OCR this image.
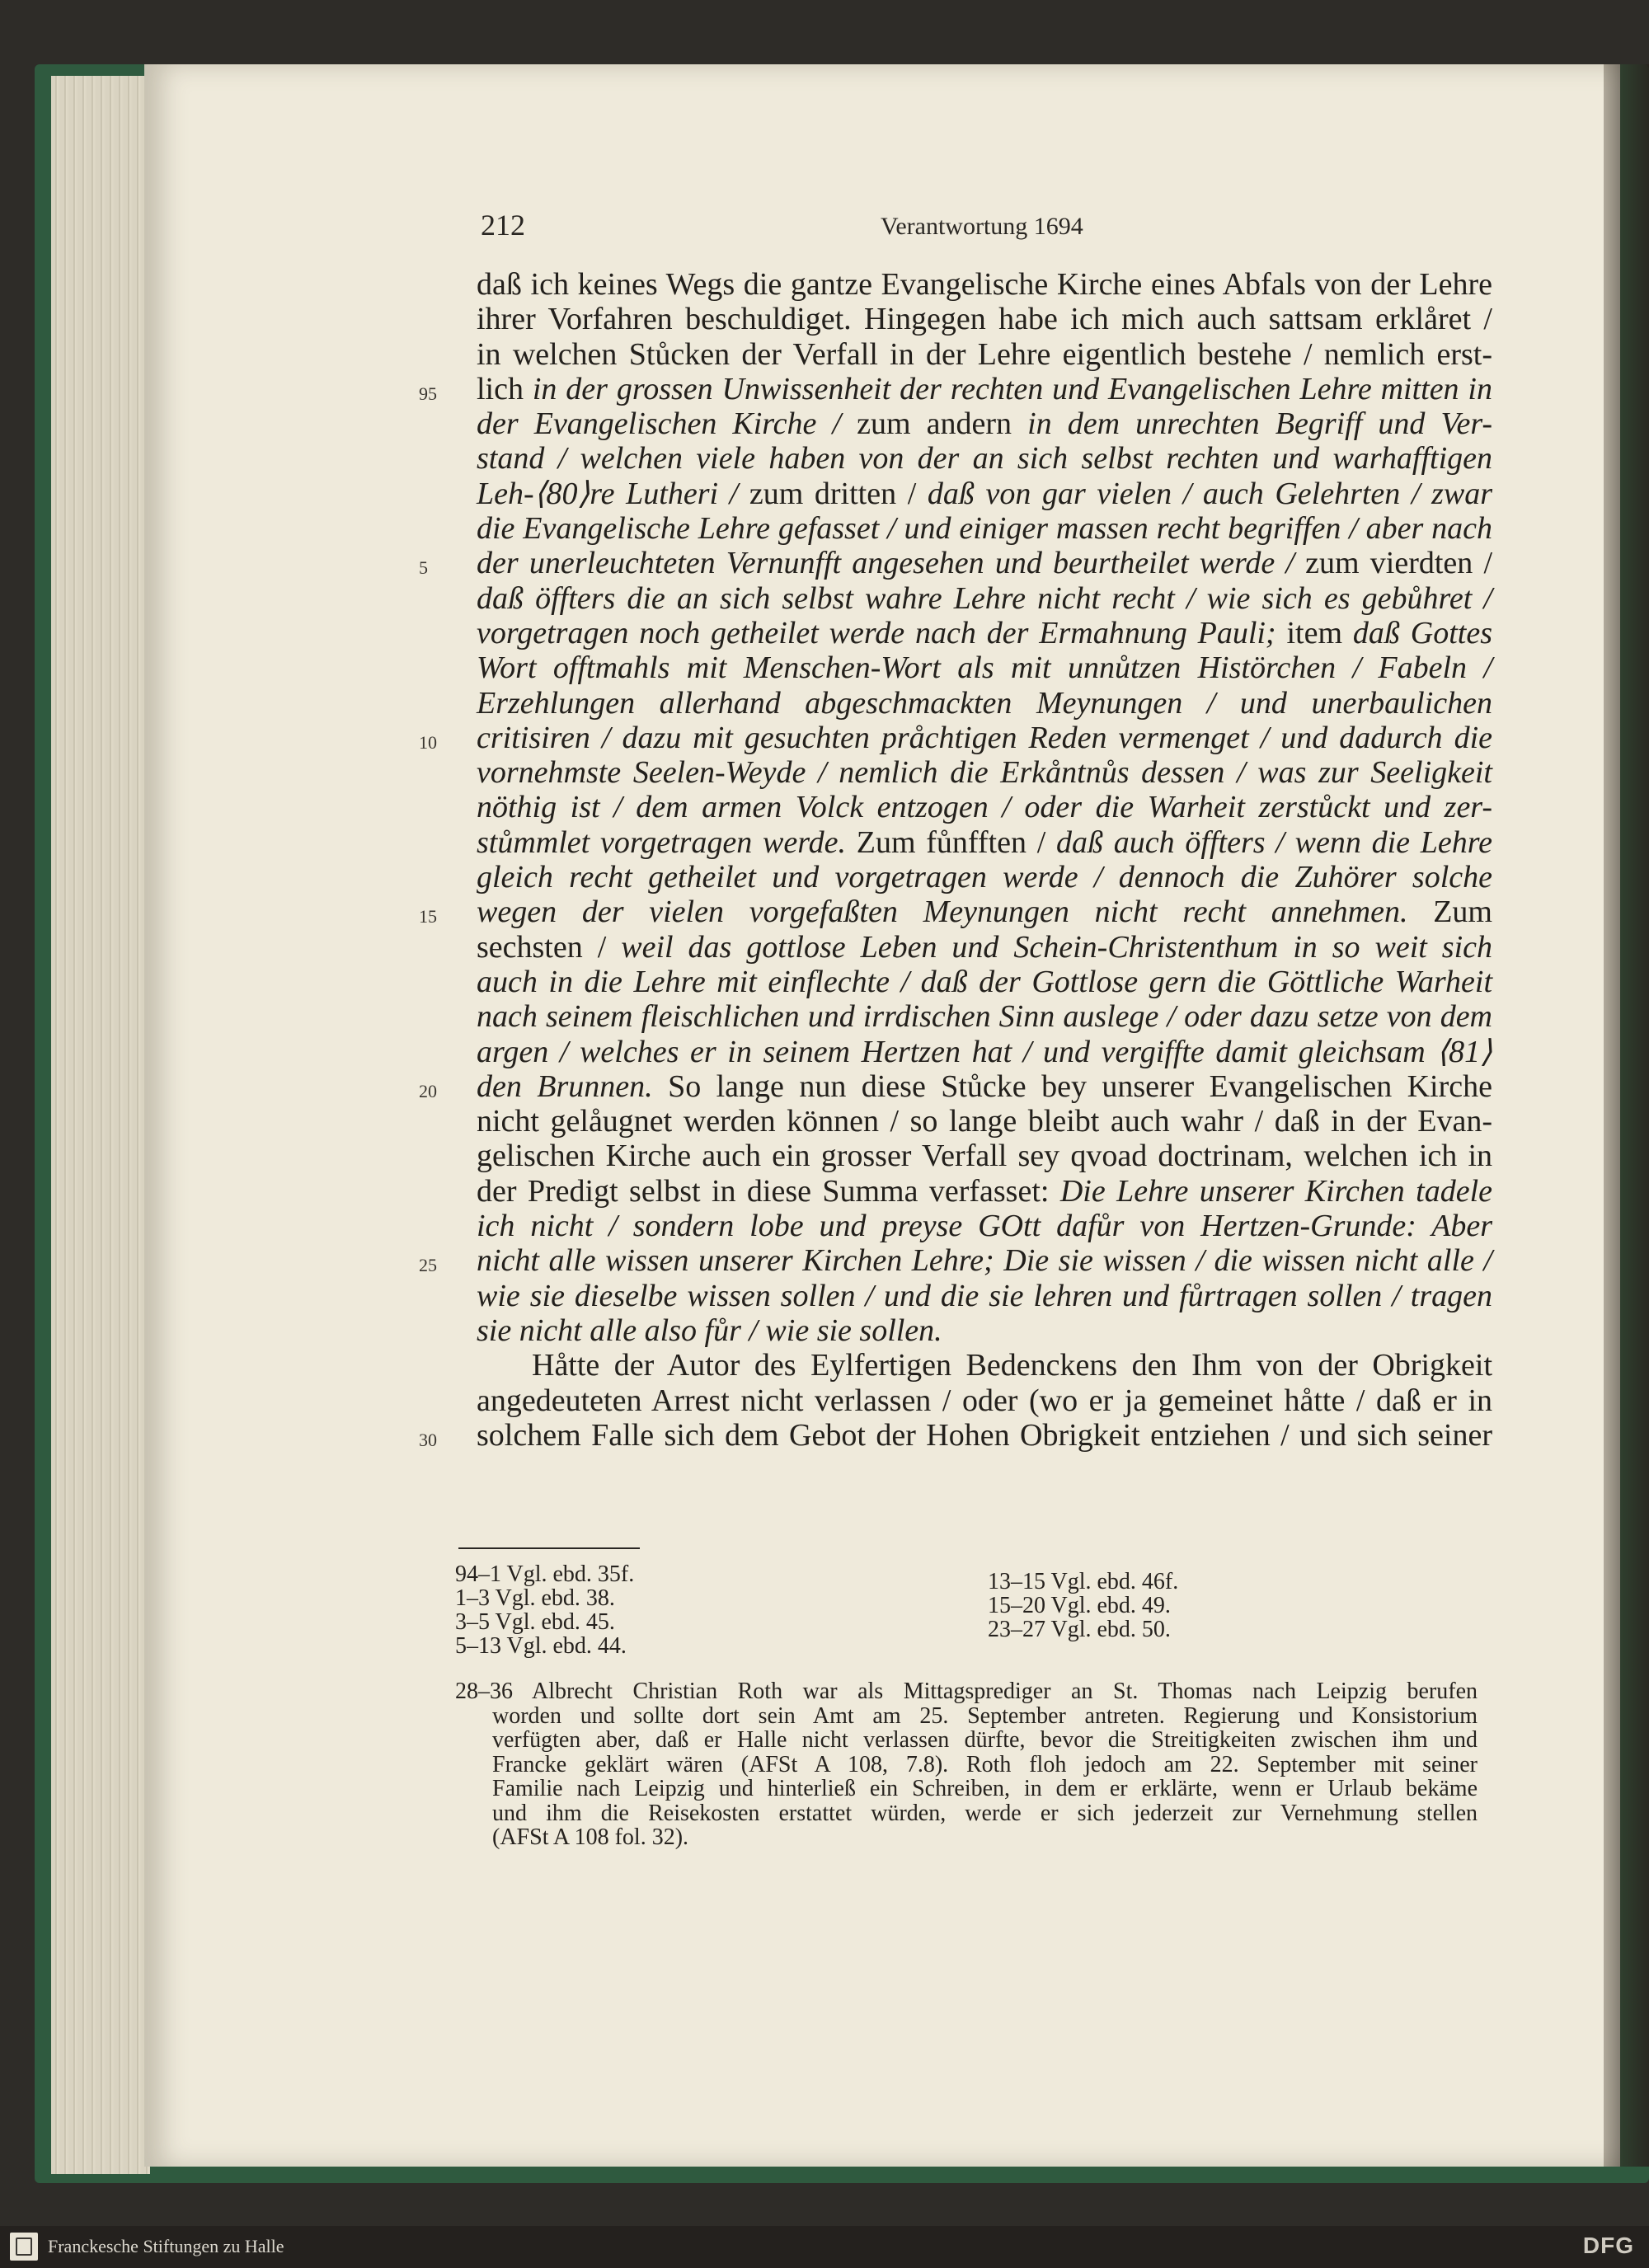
212	Verantwortung 1694
daß ich keines Wegs die gantze Evangelische Kirche eines Abfals von der Lehre
ihrer Vorfahren beschuldiget. Hingegen habe ich mich auch sattsam erklåret /
in welchen Stůcken der Verfall in der Lehre eigentlich bestehe / nemlich erst-
95	lich in der grossen Unwissenheit der rechten und Evangelischen Lehre mitten in
der Evangelischen Kirche / zum andern in dem unrechten Begriff und Ver-
stand / welchen viele haben von der an sich selbst rechten und warhafftigen
Leh-⟨80⟩re Lutheri / zum dritten / daß von gar vielen / auch Gelehrten / zwar
die Evangelische Lehre gefasset / und einiger massen recht begriffen / aber nach
5	der unerleuchteten Vernunfft angesehen und beurtheilet werde / zum vierdten /
daß öffters die an sich selbst wahre Lehre nicht recht / wie sich es gebůhret /
vorgetragen noch getheilet werde nach der Ermahnung Pauli; item daß Gottes
Wort offtmahls mit Menschen-Wort als mit unnůtzen Histörchen / Fabeln /
Erzehlungen allerhand abgeschmackten Meynungen / und unerbaulichen
10	critisiren / dazu mit gesuchten pråchtigen Reden vermenget / und dadurch die
vornehmste Seelen-Weyde / nemlich die Erkåntnůs dessen / was zur Seeligkeit
nöthig ist / dem armen Volck entzogen / oder die Warheit zerstůckt und zer-
stůmmlet vorgetragen werde. Zum fůnfften / daß auch öffters / wenn die Lehre
gleich recht getheilet und vorgetragen werde / dennoch die Zuhörer solche
15	wegen der vielen vorgefaßten Meynungen nicht recht annehmen. Zum
sechsten / weil das gottlose Leben und Schein-Christenthum in so weit sich
auch in die Lehre mit einflechte / daß der Gottlose gern die Göttliche Warheit
nach seinem fleischlichen und irrdischen Sinn auslege / oder dazu setze von dem
argen / welches er in seinem Hertzen hat / und vergiffte damit gleichsam ⟨81⟩
20	den Brunnen. So lange nun diese Stůcke bey unserer Evangelischen Kirche
nicht gelåugnet werden können / so lange bleibt auch wahr / daß in der Evan-
gelischen Kirche auch ein grosser Verfall sey qvoad doctrinam, welchen ich in
der Predigt selbst in diese Summa verfasset: Die Lehre unserer Kirchen tadele
ich nicht / sondern lobe und preyse GOtt dafůr von Hertzen-Grunde: Aber
25	nicht alle wissen unserer Kirchen Lehre; Die sie wissen / die wissen nicht alle /
wie sie dieselbe wissen sollen / und die sie lehren und fůrtragen sollen / tragen
sie nicht alle also fůr / wie sie sollen.
Håtte der Autor des Eylfertigen Bedenckens den Ihm von der Obrigkeit
angedeuteten Arrest nicht verlassen / oder (wo er ja gemeinet håtte / daß er in
30	solchem Falle sich dem Gebot der Hohen Obrigkeit entziehen / und sich seiner
94–1 Vgl. ebd. 35f.
1–3 Vgl. ebd. 38.
3–5 Vgl. ebd. 45.
5–13 Vgl. ebd. 44.
13–15 Vgl. ebd. 46f.
15–20 Vgl. ebd. 49.
23–27 Vgl. ebd. 50.
28–36 Albrecht Christian Roth war als Mittagsprediger an St. Thomas nach Leipzig berufen
worden und sollte dort sein Amt am 25. September antreten. Regierung und Konsistorium
verfügten aber, daß er Halle nicht verlassen dürfte, bevor die Streitigkeiten zwischen ihm und
Francke geklärt wären (AFSt A 108, 7.8). Roth floh jedoch am 22. September mit seiner
Familie nach Leipzig und hinterließ ein Schreiben, in dem er erklärte, wenn er Urlaub bekäme
und ihm die Reisekosten erstattet würden, werde er sich jederzeit zur Vernehmung stellen
(AFSt A 108 fol. 32).
Franckesche Stiftungen zu Halle	DFG
